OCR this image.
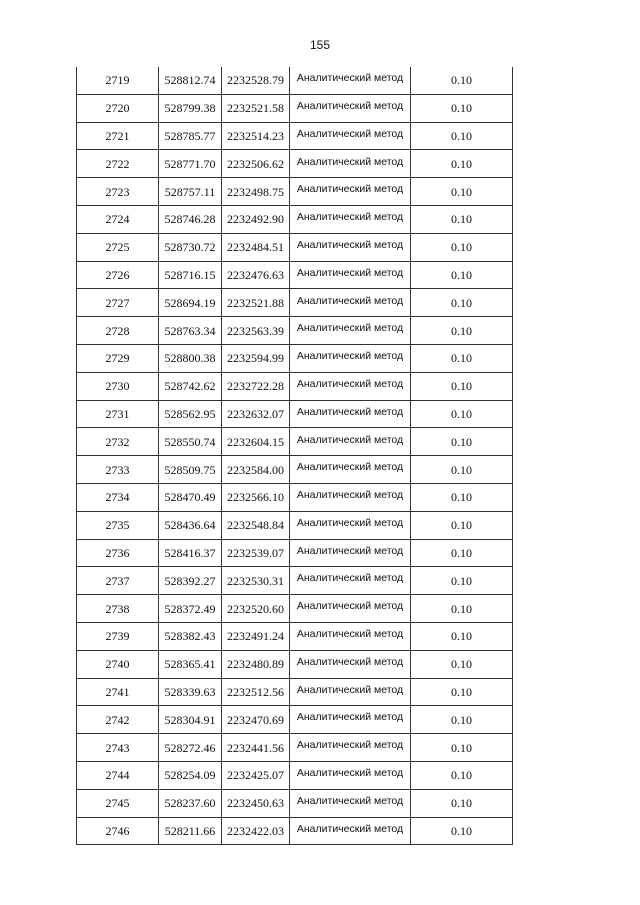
155
2719	528812.74	2232528.79	Аналитический метод	0.10
2720	528799.38	2232521.58	Аналитический метод	0.10
2721	528785.77	2232514.23	Аналитический метод	0.10
2722	528771.70	2232506.62	Аналитический метод	0.10
2723	528757.11	2232498.75	Аналитический метод	0.10
2724	528746.28	2232492.90	Аналитический метод	0.10
2725	528730.72	2232484.51	Аналитический метод	0.10
2726	528716.15	2232476.63	Аналитический метод	0.10
2727	528694.19	2232521.88	Аналитический метод	0.10
2728	528763.34	2232563.39	Аналитический метод	0.10
2729	528800.38	2232594.99	Аналитический метод	0.10
2730	528742.62	2232722.28	Аналитический метод	0.10
2731	528562.95	2232632.07	Аналитический метод	0.10
2732	528550.74	2232604.15	Аналитический метод	0.10
2733	528509.75	2232584.00	Аналитический метод	0.10
2734	528470.49	2232566.10	Аналитический метод	0.10
2735	528436.64	2232548.84	Аналитический метод	0.10
2736	528416.37	2232539.07	Аналитический метод	0.10
2737	528392.27	2232530.31	Аналитический метод	0.10
2738	528372.49	2232520.60	Аналитический метод	0.10
2739	528382.43	2232491.24	Аналитический метод	0.10
2740	528365.41	2232480.89	Аналитический метод	0.10
2741	528339.63	2232512.56	Аналитический метод	0.10
2742	528304.91	2232470.69	Аналитический метод	0.10
2743	528272.46	2232441.56	Аналитический метод	0.10
2744	528254.09	2232425.07	Аналитический метод	0.10
2745	528237.60	2232450.63	Аналитический метод	0.10
2746	528211.66	2232422.03	Аналитический метод	0.10
